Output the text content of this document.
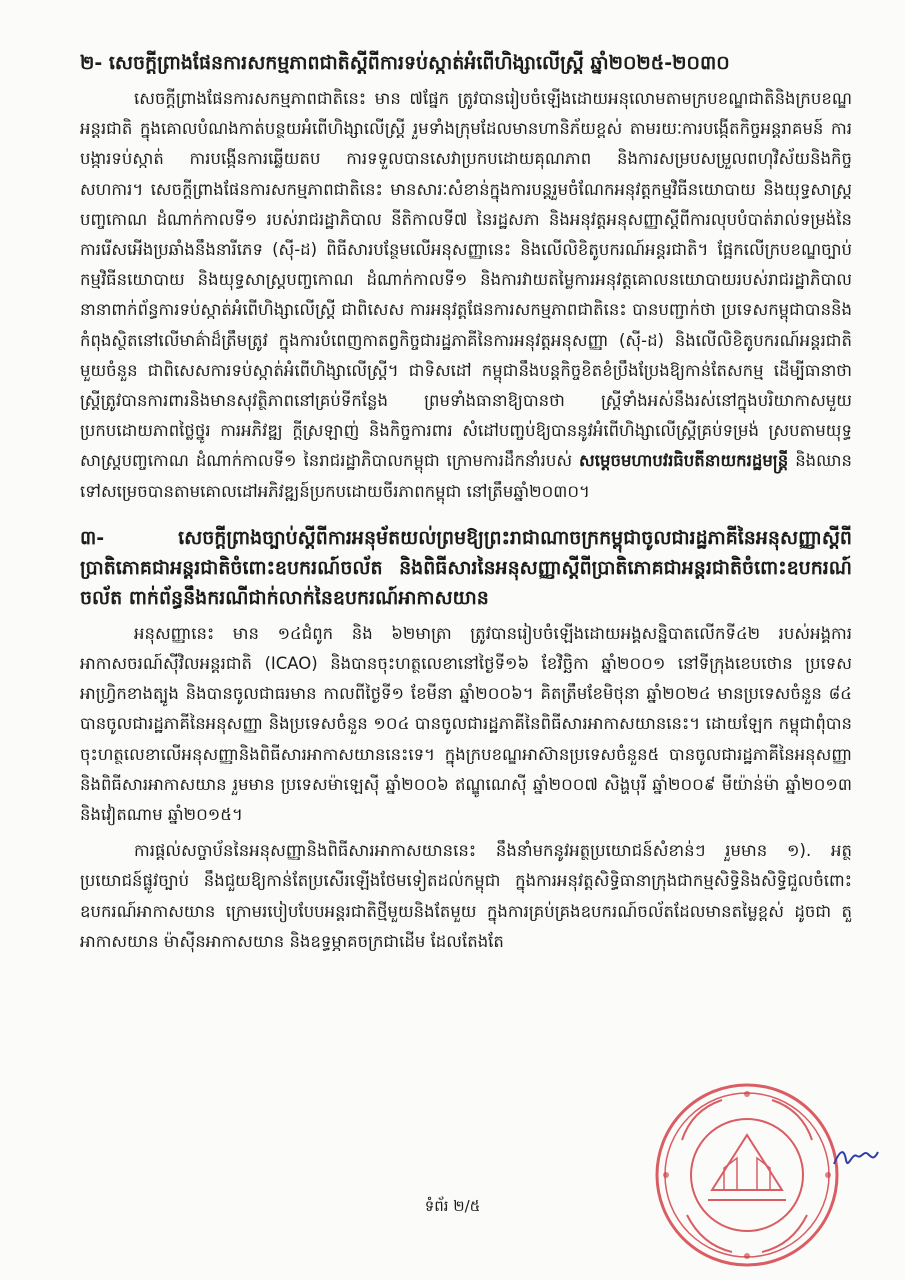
២- សេចក្តីព្រាងផែនការសកម្មភាពជាតិស្តីពីការទប់ស្កាត់អំពើហិង្សាលើស្ត្រី ឆ្នាំ២០២៥-២០៣០

សេចក្តីព្រាងផែនការសកម្មភាពជាតិនេះ មាន ៧ផ្នែក ត្រូវបានរៀបចំឡើងដោយអនុលោមតាមក្របខណ្ឌជាតិនិងក្របខណ្ឌអន្តរជាតិ ក្នុងគោលបំណងកាត់បន្ថយអំពើហិង្សាលើស្ត្រី រួមទាំងក្រុមដែលមានហានិភ័យខ្ពស់ តាមរយៈការបង្កើតកិច្ចអន្តរាគមន៍ ការបង្ការទប់ស្កាត់ ការបង្កើនការឆ្លើយតប ការទទួលបានសេវាប្រកបដោយគុណភាព និងការសម្របសម្រួលពហុវិស័យនិងកិច្ចសហការ។ សេចក្តីព្រាងផែនការសកម្មភាពជាតិនេះ មានសារៈសំខាន់ក្នុងការបន្តរួមចំណែកអនុវត្តកម្មវិធីនយោបាយ និងយុទ្ធសាស្ត្របញ្ចកោណ ដំណាក់កាលទី១ របស់រាជរដ្ឋាភិបាល នីតិកាលទី៧ នៃរដ្ឋសភា និងអនុវត្តអនុសញ្ញាស្តីពីការលុបបំបាត់រាល់ទម្រង់នៃការរើសអើងប្រឆាំងនឹងនារីភេទ (ស៊ី-ដ) ពិធីសារបន្ថែមលើអនុសញ្ញានេះ និងលើលិខិតូបករណ៍អន្តរជាតិ។ ផ្អែកលើក្របខណ្ឌច្បាប់ កម្មវិធីនយោបាយ និងយុទ្ធសាស្ត្របញ្ចកោណ ដំណាក់កាលទី១ និងការវាយតម្លៃការអនុវត្តគោលនយោបាយរបស់រាជរដ្ឋាភិបាលនានាពាក់ព័ន្ធការទប់ស្កាត់អំពើហិង្សាលើស្ត្រី ជាពិសេស ការអនុវត្តផែនការសកម្មភាពជាតិនេះ បានបញ្ជាក់ថា ប្រទេសកម្ពុជាបាននិងកំពុងស្ថិតនៅលើមាគ៌ាដ៏ត្រឹមត្រូវ ក្នុងការបំពេញកាតព្វកិច្ចជារដ្ឋភាគីនៃការអនុវត្តអនុសញ្ញា (ស៊ី-ដ) និងលើលិខិតូបករណ៍អន្តរជាតិមួយចំនួន ជាពិសេសការទប់ស្កាត់អំពើហិង្សាលើស្ត្រី។ ជាទិសដៅ កម្ពុជានឹងបន្តកិច្ចខិតខំប្រឹងប្រែងឱ្យកាន់តែសកម្ម ដើម្បីធានាថា ស្ត្រីត្រូវបានការពារនិងមានសុវត្ថិភាពនៅគ្រប់ទីកន្លែង ព្រមទាំងធានាឱ្យបានថា ស្ត្រីទាំងអស់នឹងរស់នៅក្នុងបរិយាកាសមួយប្រកបដោយភាពថ្លៃថ្នូរ ការអភិវឌ្ឍ ក្តីស្រឡាញ់ និងកិច្ចការពារ សំដៅបញ្ចប់ឱ្យបាននូវអំពើហិង្សាលើស្ត្រីគ្រប់ទម្រង់ ស្របតាមយុទ្ធសាស្ត្របញ្ចកោណ ដំណាក់កាលទី១ នៃរាជរដ្ឋាភិបាលកម្ពុជា ក្រោមការដឹកនាំរបស់ សម្តេចមហាបវរធិបតីនាយករដ្ឋមន្ត្រី និងឈានទៅសម្រេចបានតាមគោលដៅអភិវឌ្ឍន៍ប្រកបដោយចីរភាពកម្ពុជា នៅត្រឹមឆ្នាំ២០៣០។

៣- សេចក្តីព្រាងច្បាប់ស្តីពីការអនុម័តយល់ព្រមឱ្យព្រះរាជាណាចក្រកម្ពុជាចូលជារដ្ឋភាគីនៃអនុសញ្ញាស្តីពីប្រាតិភោគជាអន្តរជាតិចំពោះឧបករណ៍ចល័ត និងពិធីសារនៃអនុសញ្ញាស្តីពីប្រាតិភោគជាអន្តរជាតិចំពោះឧបករណ៍ចល័ត ពាក់ព័ន្ធនឹងករណីជាក់លាក់នៃឧបករណ៍អាកាសយាន

អនុសញ្ញានេះ មាន ១៤ជំពូក និង ៦២មាត្រា ត្រូវបានរៀបចំឡើងដោយអង្គសន្និបាតលើកទី៤២ របស់អង្គការអាកាសចរណ៍ស៊ីវិលអន្តរជាតិ (ICAO) និងបានចុះហត្ថលេខានៅថ្ងៃទី១៦ ខែវិច្ឆិកា ឆ្នាំ២០០១ នៅទីក្រុងខេបថោន ប្រទេសអាហ្វ្រិកខាងត្បូង និងបានចូលជាធរមាន កាលពីថ្ងៃទី១ ខែមីនា ឆ្នាំ២០០៦។ គិតត្រឹមខែមិថុនា ឆ្នាំ២០២៤ មានប្រទេសចំនួន ៨៤ បានចូលជារដ្ឋភាគីនៃអនុសញ្ញា និងប្រទេសចំនួន ១០៤ បានចូលជារដ្ឋភាគីនៃពិធីសារអាកាសយាននេះ។ ដោយឡែក កម្ពុជាពុំបានចុះហត្ថលេខាលើអនុសញ្ញានិងពិធីសារអាកាសយាននេះទេ។ ក្នុងក្របខណ្ឌអាស៊ានប្រទេសចំនួន៥ បានចូលជារដ្ឋភាគីនៃអនុសញ្ញានិងពិធីសារអាកាសយាន រួមមាន ប្រទេសម៉ាឡេស៊ី ឆ្នាំ២០០៦ ឥណ្ឌូណេស៊ី ឆ្នាំ២០០៧ សិង្ហបុរី ឆ្នាំ២០០៩ មីយ៉ាន់ម៉ា ឆ្នាំ២០១៣ និងវៀតណាម ឆ្នាំ២០១៥។

ការផ្តល់សច្ចាប័ននៃអនុសញ្ញានិងពិធីសារអាកាសយាននេះ នឹងនាំមកនូវអត្ថប្រយោជន៍សំខាន់ៗ រួមមាន ១). អត្ថប្រយោជន៍ផ្លូវច្បាប់ នឹងជួយឱ្យកាន់តែប្រសើរឡើងថែមទៀតដល់កម្ពុជា ក្នុងការអនុវត្តសិទ្ធិធានាក្រុងជាកម្មសិទ្ធិនិងសិទ្ធិជួលចំពោះឧបករណ៍អាកាសយាន ក្រោមរបៀបបែបអន្តរជាតិថ្មីមួយនិងតែមួយ ក្នុងការគ្រប់គ្រងឧបករណ៍ចល័តដែលមានតម្លៃខ្ពស់ ដូចជា តួអាកាសយាន ម៉ាស៊ីនអាកាសយាន និងឧទ្ធម្ភាគចក្រជាដើម ដែលតែងតែ

ទំព័រ ២/៥
